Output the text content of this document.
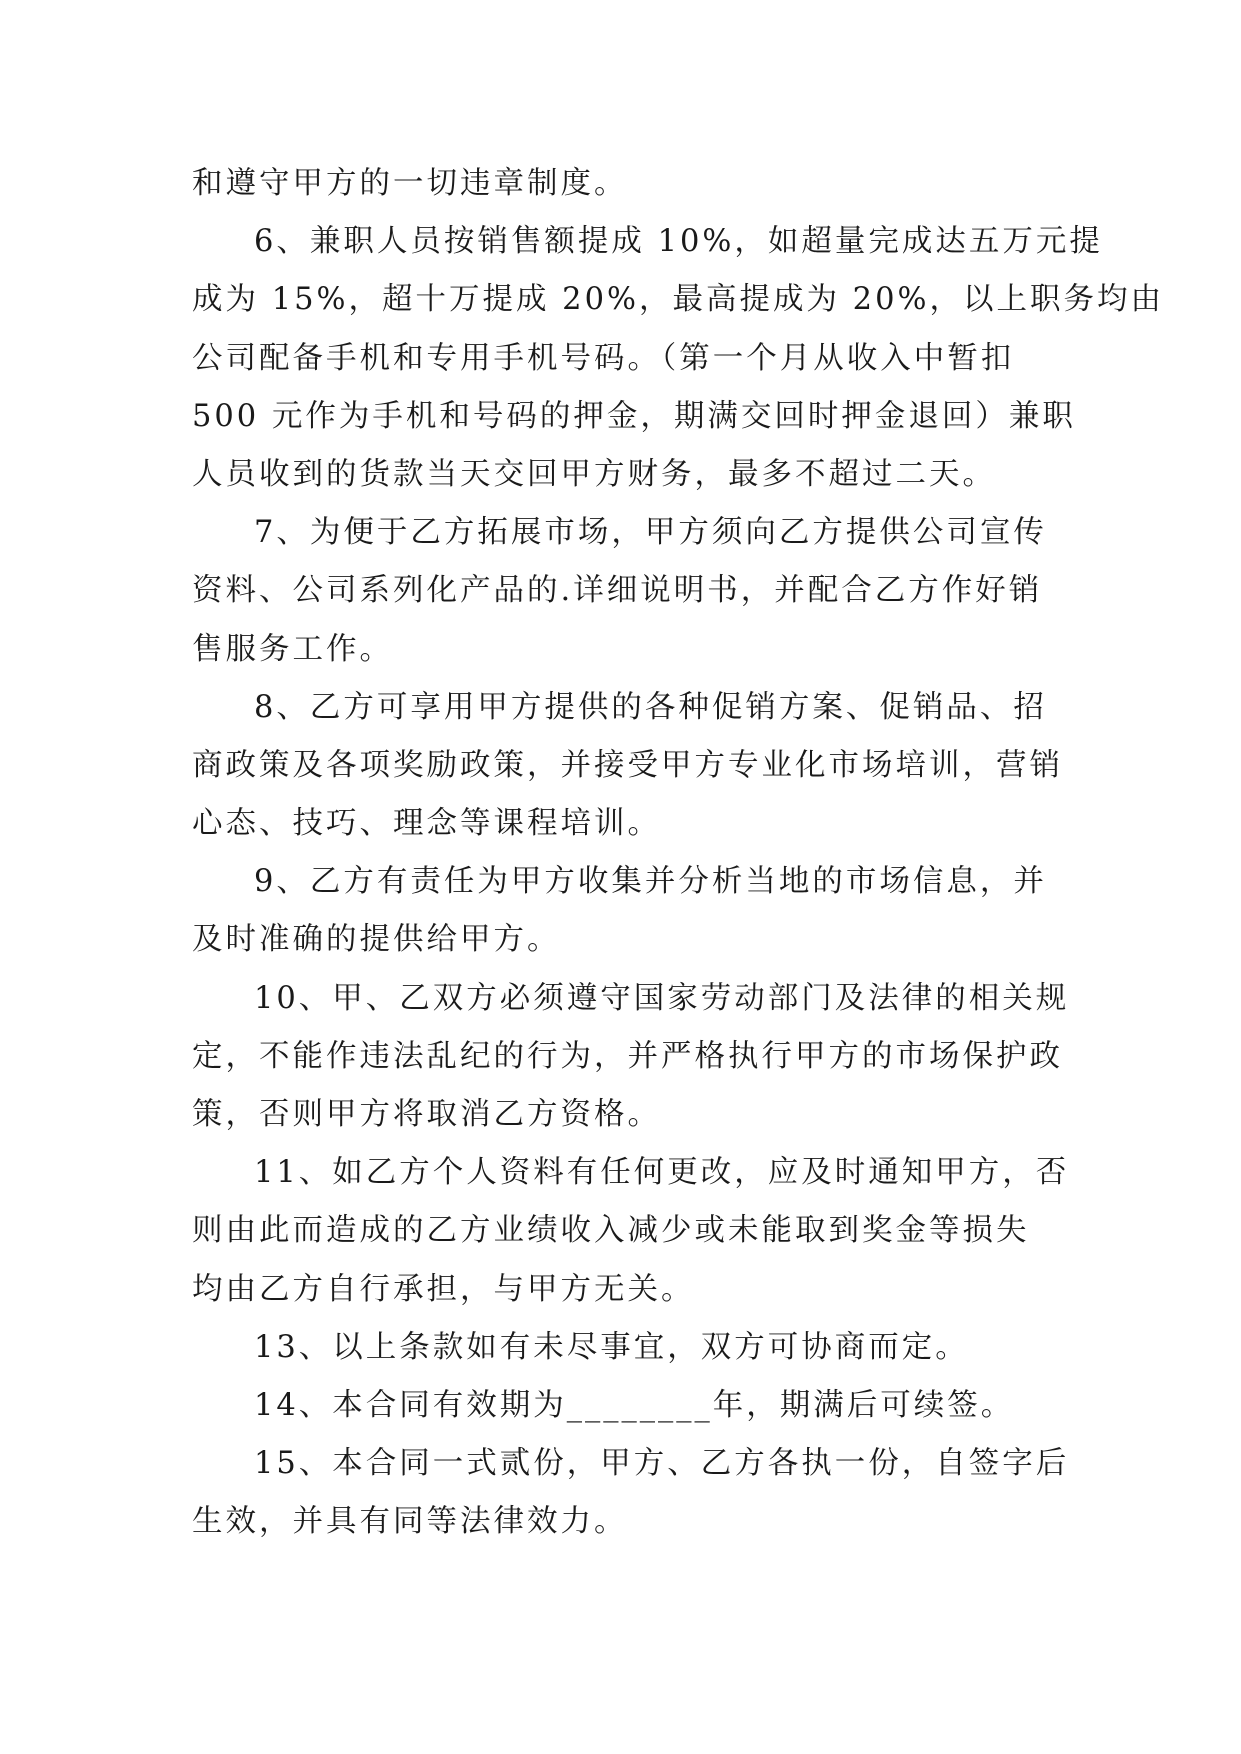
和遵守甲方的一切违章制度。

6、兼职人员按销售额提成 10%，如超量完成达五万元提

成为 15%，超十万提成 20%，最高提成为 20%，以上职务均由

公司配备手机和专用手机号码。（第一个月从收入中暂扣

500 元作为手机和号码的押金，期满交回时押金退回）兼职

人员收到的货款当天交回甲方财务，最多不超过二天。

7、为便于乙方拓展市场，甲方须向乙方提供公司宣传

资料、公司系列化产品的.详细说明书，并配合乙方作好销

售服务工作。

8、乙方可享用甲方提供的各种促销方案、促销品、招

商政策及各项奖励政策，并接受甲方专业化市场培训，营销

心态、技巧、理念等课程培训。

9、乙方有责任为甲方收集并分析当地的市场信息，并

及时准确的提供给甲方。

10、甲、乙双方必须遵守国家劳动部门及法律的相关规

定，不能作违法乱纪的行为，并严格执行甲方的市场保护政

策，否则甲方将取消乙方资格。

11、如乙方个人资料有任何更改，应及时通知甲方，否

则由此而造成的乙方业绩收入减少或未能取到奖金等损失

均由乙方自行承担，与甲方无关。

13、以上条款如有未尽事宜，双方可协商而定。

14、本合同有效期为________年，期满后可续签。

15、本合同一式贰份，甲方、乙方各执一份，自签字后

生效，并具有同等法律效力。
